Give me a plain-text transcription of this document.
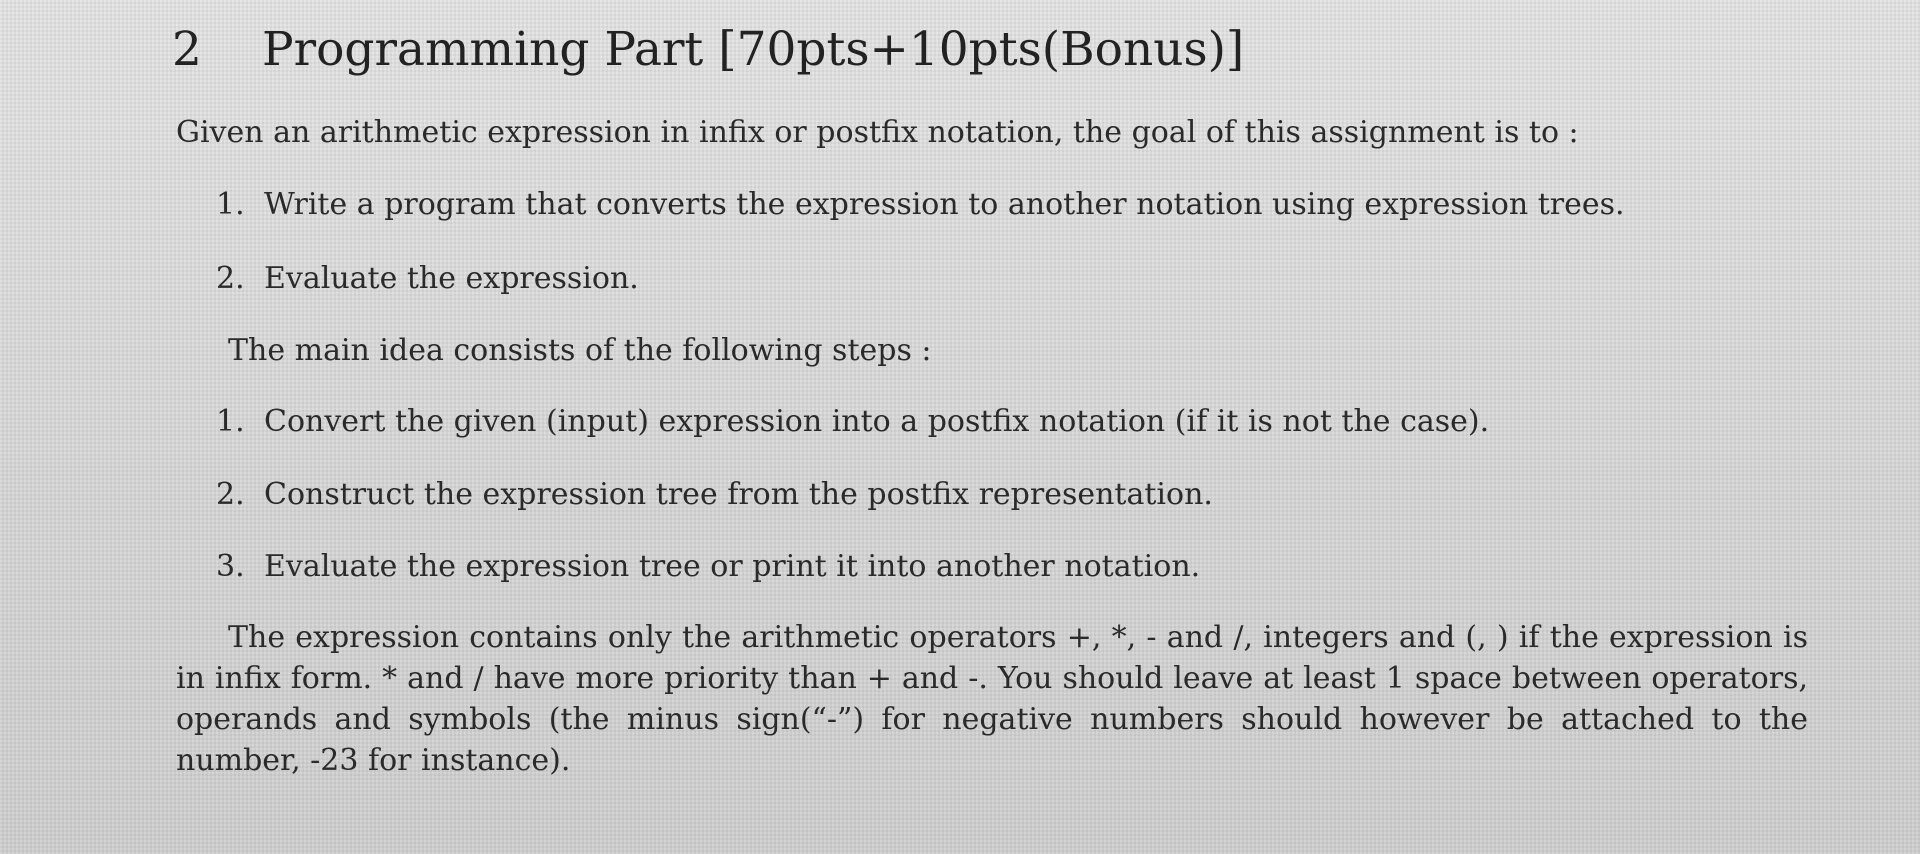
2 Programming Part [70pts+10pts(Bonus)]
Given an arithmetic expression in infix or postfix notation, the goal of this assignment is to :
1. Write a program that converts the expression to another notation using expression trees.
2. Evaluate the expression.
The main idea consists of the following steps :
1. Convert the given (input) expression into a postfix notation (if it is not the case).
2. Construct the expression tree from the postfix representation.
3. Evaluate the expression tree or print it into another notation.
The expression contains only the arithmetic operators +, *, - and /, integers and (, ) if the expression is in infix form. * and / have more priority than + and -. You should leave at least 1 space between operators, operands and symbols (the minus sign(“-”) for negative numbers should however be attached to the number, -23 for instance).
